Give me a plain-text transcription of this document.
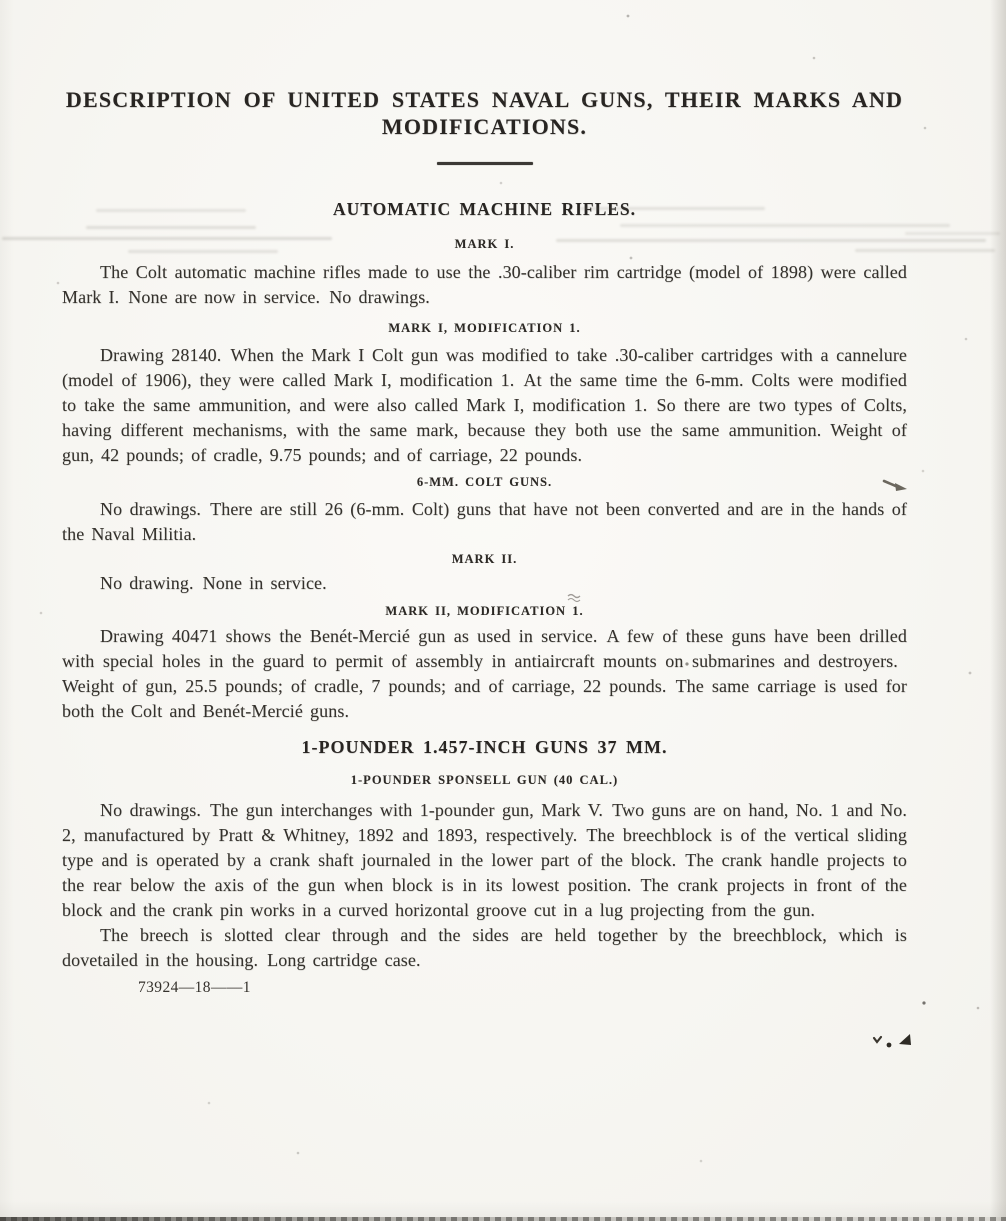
DESCRIPTION OF UNITED STATES NAVAL GUNS, THEIR MARKS AND MODIFICATIONS.
AUTOMATIC MACHINE RIFLES.
MARK I.

The Colt automatic machine rifles made to use the .30-caliber rim cartridge (model of 1898) were called Mark I. None are now in service. No drawings.

MARK I, MODIFICATION 1.

Drawing 28140. When the Mark I Colt gun was modified to take .30-caliber cartridges with a cannelure (model of 1906), they were called Mark I, modification 1. At the same time the 6-mm. Colts were modified to take the same ammunition, and were also called Mark I, modification 1. So there are two types of Colts, having different mechanisms, with the same mark, because they both use the same ammunition. Weight of gun, 42 pounds; of cradle, 9.75 pounds; and of carriage, 22 pounds.

6-MM. COLT GUNS.

No drawings. There are still 26 (6-mm. Colt) guns that have not been converted and are in the hands of the Naval Militia.

MARK II.

No drawing. None in service.

MARK II, MODIFICATION 1.

Drawing 40471 shows the Benét-Mercié gun as used in service. A few of these guns have been drilled with special holes in the guard to permit of assembly in antiaircraft mounts on submarines and destroyers. Weight of gun, 25.5 pounds; of cradle, 7 pounds; and of carriage, 22 pounds. The same carriage is used for both the Colt and Benét-Mercié guns.

1-POUNDER 1.457-INCH GUNS 37 MM.
1-POUNDER SPONSELL GUN (40 CAL.)

No drawings. The gun interchanges with 1-pounder gun, Mark V. Two guns are on hand, No. 1 and No. 2, manufactured by Pratt & Whitney, 1892 and 1893, respectively. The breechblock is of the vertical sliding type and is operated by a crank shaft journaled in the lower part of the block. The crank handle projects to the rear below the axis of the gun when block is in its lowest position. The crank projects in front of the block and the crank pin works in a curved horizontal groove cut in a lug projecting from the gun.

The breech is slotted clear through and the sides are held together by the breechblock, which is dovetailed in the housing. Long cartridge case.

73924—18——1
